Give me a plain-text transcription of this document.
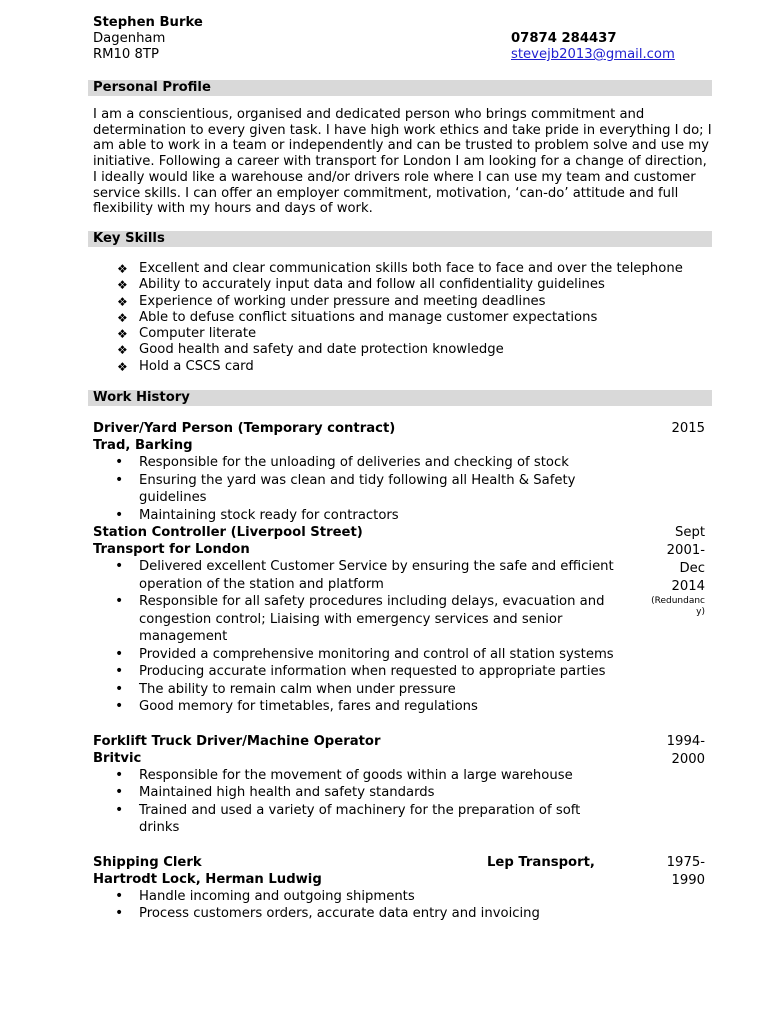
Stephen Burke
Dagenham
RM10 8TP
07874 284437
stevejb2013@gmail.com
Personal Profile

I am a conscientious, organised and dedicated person who brings commitment and determination to every given task. I have high work ethics and take pride in everything I do; I am able to work in a team or independently and can be trusted to problem solve and use my initiative. Following a career with transport for London I am looking for a change of direction, I ideally would like a warehouse and/or drivers role where I can use my team and customer service skills. I can offer an employer commitment, motivation, ‘can-do’ attitude and full flexibility with my hours and days of work.

Key Skills
❖ Excellent and clear communication skills both face to face and over the telephone
❖ Ability to accurately input data and follow all confidentiality guidelines
❖ Experience of working under pressure and meeting deadlines
❖ Able to defuse conflict situations and manage customer expectations
❖ Computer literate
❖ Good health and safety and date protection knowledge
❖ Hold a CSCS card
Work History
Driver/Yard Person (Temporary contract)
Trad, Barking
2015
• Responsible for the unloading of deliveries and checking of stock
• Ensuring the yard was clean and tidy following all Health & Safety guidelines
• Maintaining stock ready for contractors
Station Controller (Liverpool Street)
Transport for London
Sept
2001-
Dec
2014
(Redundanc
y)
• Delivered excellent Customer Service by ensuring the safe and efficient operation of the station and platform
• Responsible for all safety procedures including delays, evacuation and congestion control; Liaising with emergency services and senior management
• Provided a comprehensive monitoring and control of all station systems
• Producing accurate information when requested to appropriate parties
• The ability to remain calm when under pressure
• Good memory for timetables, fares and regulations
Forklift Truck Driver/Machine Operator
Britvic
1994-
2000
• Responsible for the movement of goods within a large warehouse
• Maintained high health and safety standards
• Trained and used a variety of machinery for the preparation of soft drinks
Shipping Clerk	Lep Transport,
Hartrodt Lock, Herman Ludwig
1975-
1990
• Handle incoming and outgoing shipments
• Process customers orders, accurate data entry and invoicing
